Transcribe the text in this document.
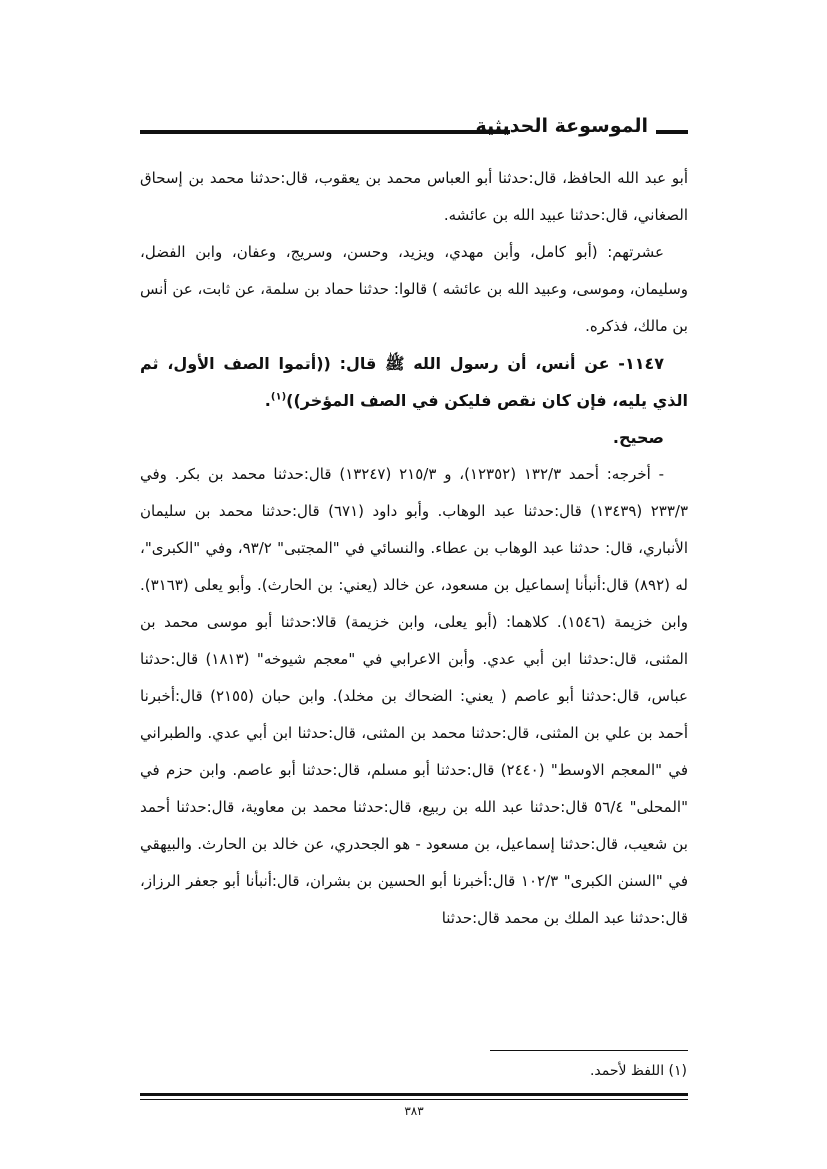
الموسوعة الحديثية

أبو عبد الله الحافظ، قال:حدثنا أبو العباس محمد بن يعقوب، قال:حدثنا محمد بن إسحاق الصغاني، قال:حدثنا عبيد الله بن عائشه.

عشرتهم: (أبو كامل، وأبن مهدي، ويزيد، وحسن، وسريج، وعفان، وابن الفضل، وسليمان، وموسى، وعبيد الله بن عائشه ) قالوا: حدثنا حماد بن سلمة، عن ثابت، عن أنس بن مالك، فذكره.

١١٤٧- عن أنس، أن رسول الله ﷺ قال: ((أتموا الصف الأول، ثم الذي يليه، فإن كان نقص فليكن في الصف المؤخر))$^{(١)}$.

صحيح.

- أخرجه: أحمد ١٣٢/٣ (١٢٣٥٢)، و ٢١٥/٣ (١٣٢٤٧) قال:حدثنا محمد بن بكر. وفي ٢٣٣/٣ (١٣٤٣٩) قال:حدثنا عبد الوهاب. وأبو داود (٦٧١) قال:حدثنا محمد بن سليمان الأنباري، قال: حدثنا عبد الوهاب بن عطاء. والنسائي في "المجتبى" ٩٣/٢، وفي "الكبرى"، له (٨٩٢) قال:أنبأنا إسماعيل بن مسعود، عن خالد (يعني: بن الحارث). وأبو يعلى (٣١٦٣). وابن خزيمة (١٥٤٦). كلاهما: (أبو يعلى، وابن خزيمة) قالا:حدثنا أبو موسى محمد بن المثنى، قال:حدثنا ابن أبي عدي. وأبن الاعرابي في "معجم شيوخه" (١٨١٣) قال:حدثنا عباس، قال:حدثنا أبو عاصم ( يعني: الضحاك بن مخلد). وابن حبان (٢١٥٥) قال:أخبرنا أحمد بن علي بن المثنى، قال:حدثنا محمد بن المثنى، قال:حدثنا ابن أبي عدي. والطبراني في "المعجم الاوسط" (٢٤٤٠) قال:حدثنا أبو مسلم، قال:حدثنا أبو عاصم. وابن حزم في "المحلى" ٥٦/٤ قال:حدثنا عبد الله بن ربيع، قال:حدثنا محمد بن معاوية، قال:حدثنا أحمد بن شعيب، قال:حدثنا إسماعيل، بن مسعود - هو الجحدري، عن خالد بن الحارث. والبيهقي في "السنن الكبرى" ١٠٢/٣ قال:أخبرنا أبو الحسين بن بشران، قال:أنبأنا أبو جعفر الرزاز، قال:حدثنا عبد الملك بن محمد قال:حدثنا

(١) اللفظ لأحمد.
٣٨٣
